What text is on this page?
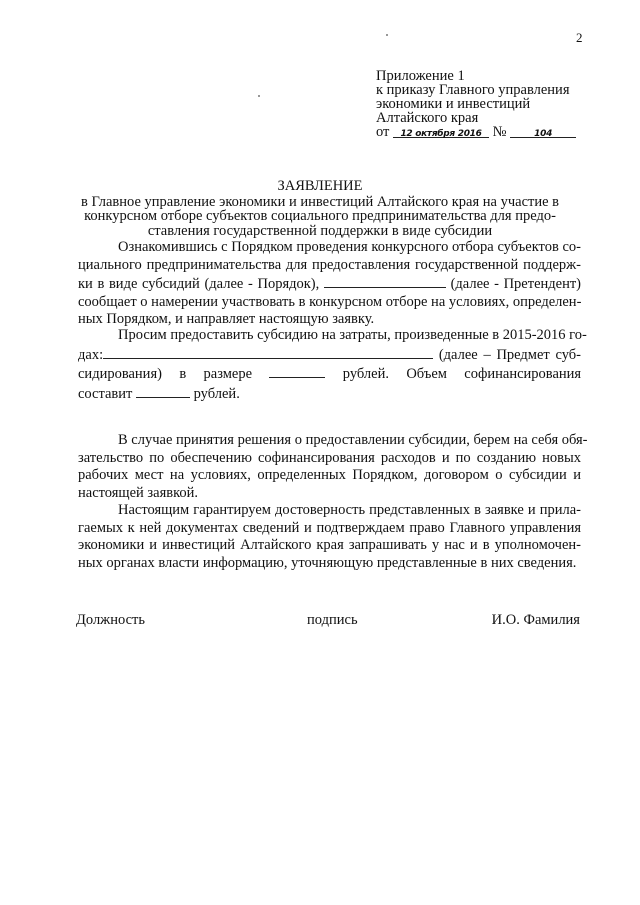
2
Приложение 1
к приказу Главного управления
экономики и инвестиций
Алтайского края
от 12 октября 2016 №	104
ЗАЯВЛЕНИЕ
в Главное управление экономики и инвестиций Алтайского края на участие в
конкурсном отборе субъектов социального предпринимательства для предо-
ставления государственной поддержки в виде субсидии
Ознакомившись с Порядком проведения конкурсного отбора субъектов со-
циального предпринимательства для предоставления государственной поддерж-
ки в виде субсидий (далее - Порядок),	(далее - Претендент)
сообщает о намерении участвовать в конкурсном отборе на условиях, определен-
ных Порядком, и направляет настоящую заявку.
Просим предоставить субсидию на затраты, произведенные в 2015-2016 го-
дах:	(далее – Предмет суб-
сидирования) в размере	рублей. Объем софинансирования
составит	рублей.
В случае принятия решения о предоставлении субсидии, берем на себя обя-
зательство по обеспечению софинансирования расходов и по созданию новых
рабочих мест на условиях, определенных Порядком, договором о субсидии и
настоящей заявкой.
Настоящим гарантируем достоверность представленных в заявке и прила-
гаемых к ней документах сведений и подтверждаем право Главного управления
экономики и инвестиций Алтайского края запрашивать у нас и в уполномочен-
ных органах власти информацию, уточняющую представленные в них сведения.
Должность	подпись	И.О. Фамилия
